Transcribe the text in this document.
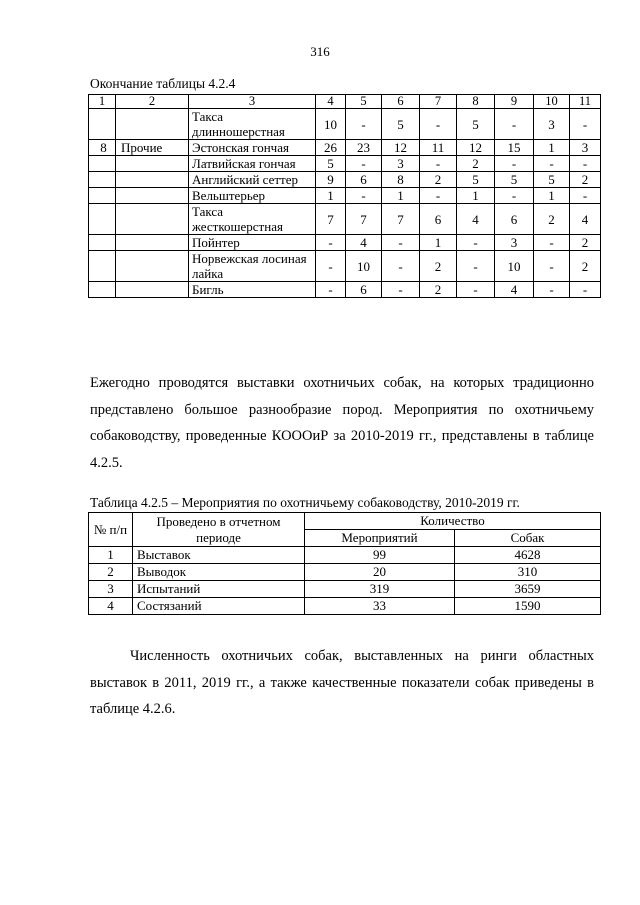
316
Окончание таблицы 4.2.4
1	2	3	4	5	6	7	8	9	10	11
		Такса длинношерстная	10	-	5	-	5	-	3	-
8	Прочие	Эстонская гончая	26	23	12	11	12	15	1	3
		Латвийская гончая	5	-	3	-	2	-	-	-
		Английский сеттер	9	6	8	2	5	5	5	2
		Вельштерьер	1	-	1	-	1	-	1	-
		Такса жесткошерстная	7	7	7	6	4	6	2	4
		Пойнтер	-	4	-	1	-	3	-	2
		Норвежская лосиная лайка	-	10	-	2	-	10	-	2
		Бигль	-	6	-	2	-	4	-	-
Ежегодно проводятся выставки охотничьих собак, на которых традиционно представлено большое разнообразие пород. Мероприятия по охотничьему собаководству, проведенные КОООиР за 2010-2019 гг., представлены в таблице 4.2.5.
Таблица 4.2.5 – Мероприятия по охотничьему собаководству, 2010-2019 гг.
№ п/п	Проведено в отчетном периоде	Количество	
		Мероприятий	Собак
1	Выставок	99	4628
2	Выводок	20	310
3	Испытаний	319	3659
4	Состязаний	33	1590
Численность охотничьих собак, выставленных на ринги областных выставок в 2011, 2019 гг., а также качественные показатели собак приведены в таблице 4.2.6.
